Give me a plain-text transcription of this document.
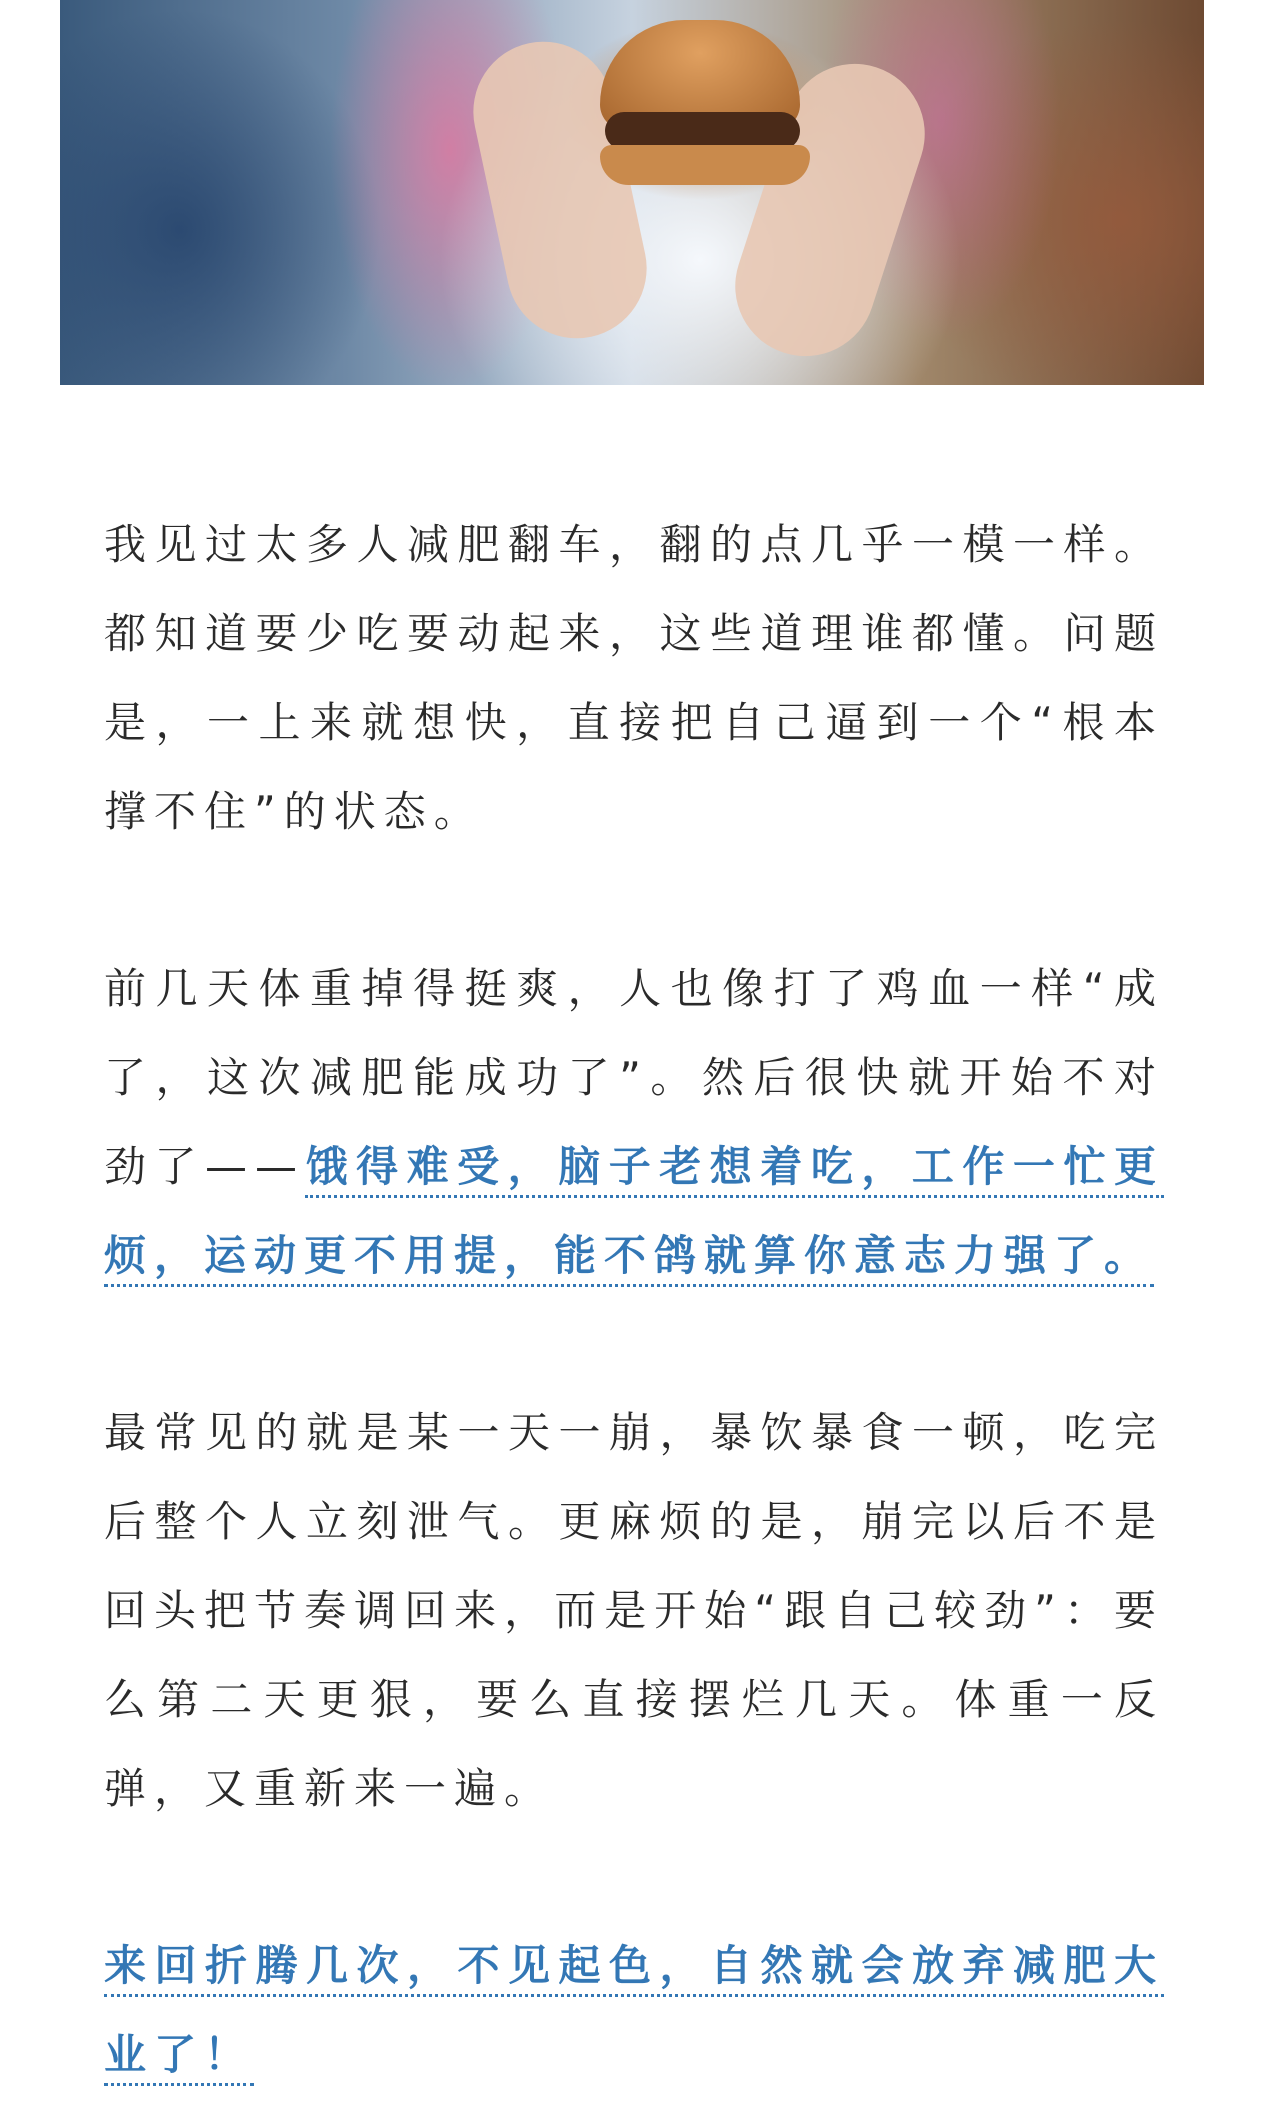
我见过太多人减肥翻车，翻的点几乎一模一样。都知道要少吃要动起来，这些道理谁都懂。问题是，一上来就想快，直接把自己逼到一个“根本撑不住”的状态。

前几天体重掉得挺爽，人也像打了鸡血一样“成了，这次减肥能成功了”。然后很快就开始不对劲了——饿得难受，脑子老想着吃，工作一忙更烦，运动更不用提，能不鸽就算你意志力强了。

最常见的就是某一天一崩，暴饮暴食一顿，吃完后整个人立刻泄气。更麻烦的是，崩完以后不是回头把节奏调回来，而是开始“跟自己较劲”：要么第二天更狠，要么直接摆烂几天。体重一反弹，又重新来一遍。

来回折腾几次，不见起色，自然就会放弃减肥大业了！
